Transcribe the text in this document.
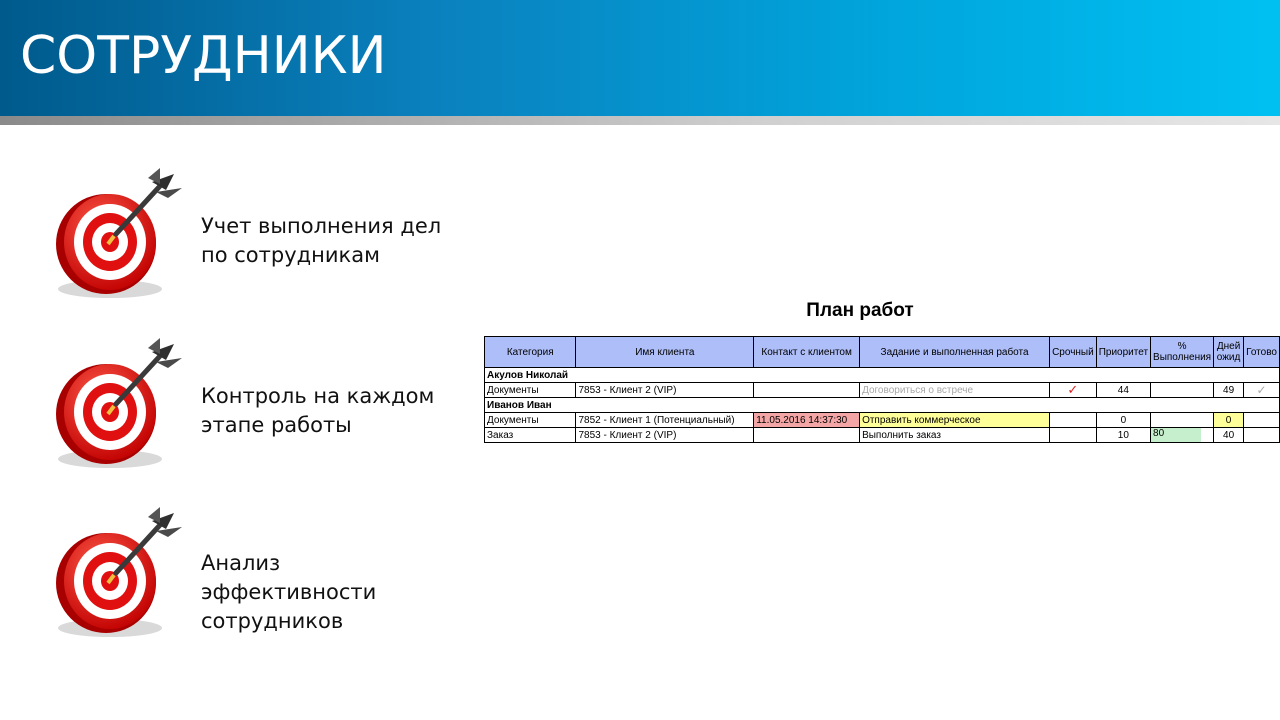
СОТРУДНИКИ
Учет выполнения дел
по сотрудникам
Контроль на каждом
этапе работы
Анализ эффективности
сотрудников
План работ
Категория	Имя клиента	Контакт с клиентом	Задание и выполненная работа	Срочный	Приоритет	% Выполнения	Дней ожид	Готово
Акулов Николай								
Документы	7853 - Клиент 2 (VIP)		Договориться о встрече	✓	44		49	✓
Иванов Иван								
Документы	7852 - Клиент 1 (Потенциальный)	11.05.2016 14:37:30	Отправить коммерческое		0		0	
Заказ	7853 - Клиент 2 (VIP)		Выполнить заказ		10	80	40	
